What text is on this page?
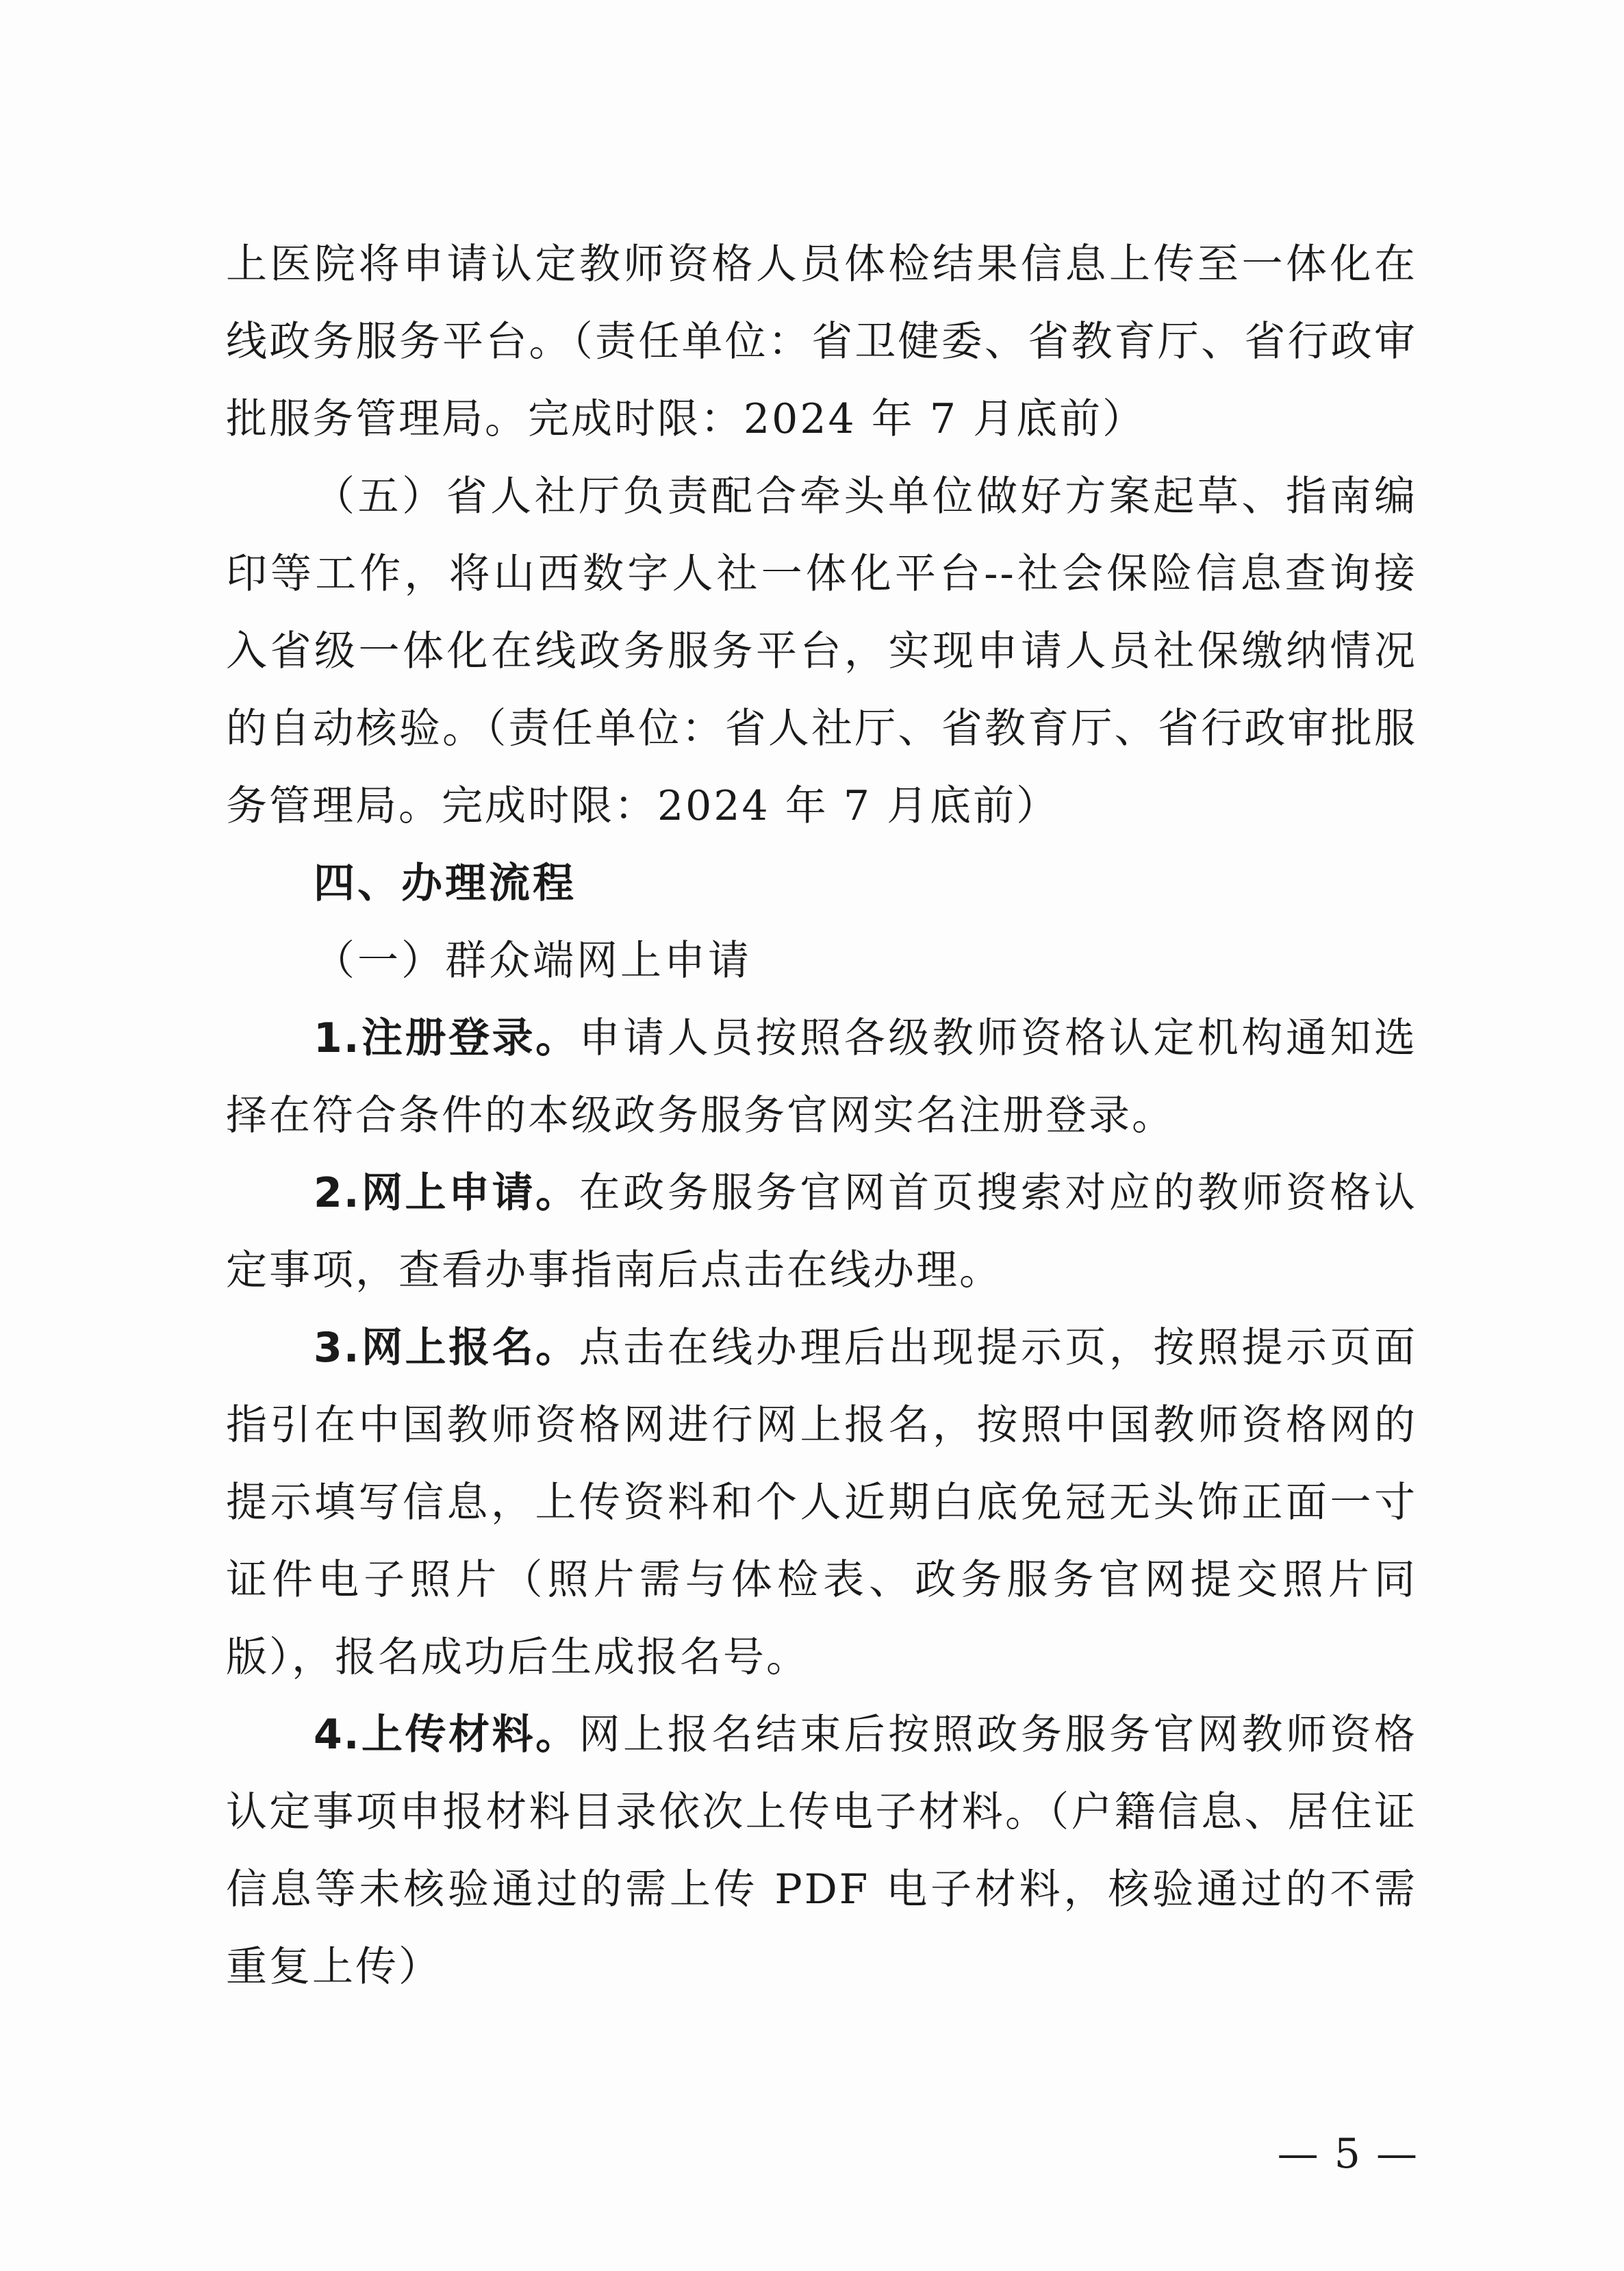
上医院将申请认定教师资格人员体检结果信息上传至一体化在线政务服务平台。（责任单位：省卫健委、省教育厅、省行政审批服务管理局。完成时限：2024 年 7 月底前）

（五）省人社厅负责配合牵头单位做好方案起草、指南编印等工作，将山西数字人社一体化平台--社会保险信息查询接入省级一体化在线政务服务平台，实现申请人员社保缴纳情况的自动核验。（责任单位：省人社厅、省教育厅、省行政审批服务管理局。完成时限：2024 年 7 月底前）

四、办理流程

（一）群众端网上申请

1.注册登录。申请人员按照各级教师资格认定机构通知选择在符合条件的本级政务服务官网实名注册登录。

2.网上申请。在政务服务官网首页搜索对应的教师资格认定事项，查看办事指南后点击在线办理。

3.网上报名。点击在线办理后出现提示页，按照提示页面指引在中国教师资格网进行网上报名，按照中国教师资格网的提示填写信息，上传资料和个人近期白底免冠无头饰正面一寸证件电子照片（照片需与体检表、政务服务官网提交照片同版），报名成功后生成报名号。

4.上传材料。网上报名结束后按照政务服务官网教师资格认定事项申报材料目录依次上传电子材料。（户籍信息、居住证信息等未核验通过的需上传 PDF 电子材料，核验通过的不需重复上传）

— 5 —
